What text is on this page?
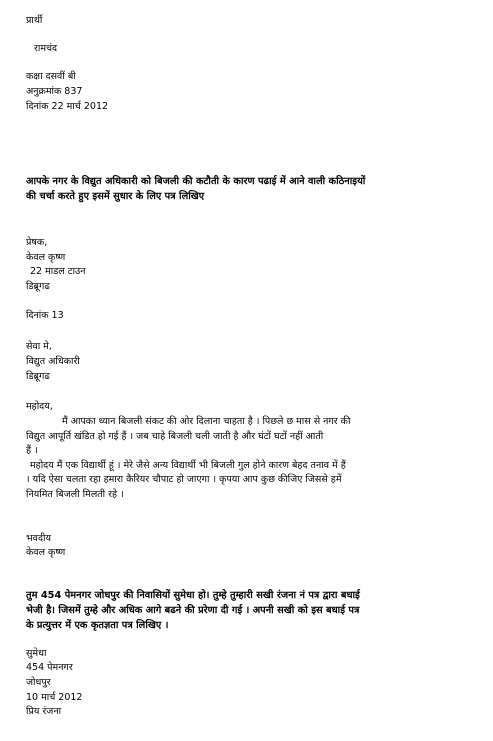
प्रार्थी
रामचंद
कक्षा दसवीं बी
अनुक्रमांक 837
दिनांक 22 मार्च 2012
आपके नगर के विद्युत अधिकारी को बिजली की कटौती के कारण पढाई में आने वाली कठिनाइयों
की चर्चा करते हुए इसमें सुधार के लिए पत्र लिखिए
प्रेषक,
केवल कृष्ण
22 माडल टाउन
डिब्रूगढ
दिनांक 13
सेवा मे,
विद्युत अधिकारी
डिब्रूगढ
महोदय,
मैं आपका ध्यान बिजली संकट की ओर दिलाना चाहता है । पिछले छ मास से नगर की
विद्युत आपूर्ति खंडित हो गई हैं । जब चाहे बिजली चली जाती है और घंटों घटों नहीं आती
हैं ।
महोदय मैं एक विद्यार्थी हूं । मेरे जैसे अन्य विद्यार्थी भी बिजली गुल होने कारण बेहद तनाव में हैं
। यदि ऐसा चलता रहा हमारा कैरियर चौपाट हो जाएगा । कृपया आप कुछ कीजिए जिससे हमें
नियमित बिजली मिलती रहे ।
भवदीय
केवल कृष्ण
तुम 454 पेमनगर जोधपुर की निवासियों सुमेधा हो। तुम्हे तुम्हारी सखी रंजना नं पत्र द्वारा बधाई
भेजी है। जिसमें तुम्हे और अधिक आगे बढने की प्ररेणा दी गई । अपनी सखी को इस बधाई पत्र
के प्रत्युत्तर में एक कृतज्ञता पत्र लिखिए ।
सुमेधा
454 पेमनगर
जोधपुर
10 मार्च 2012
प्रिय रंजना
